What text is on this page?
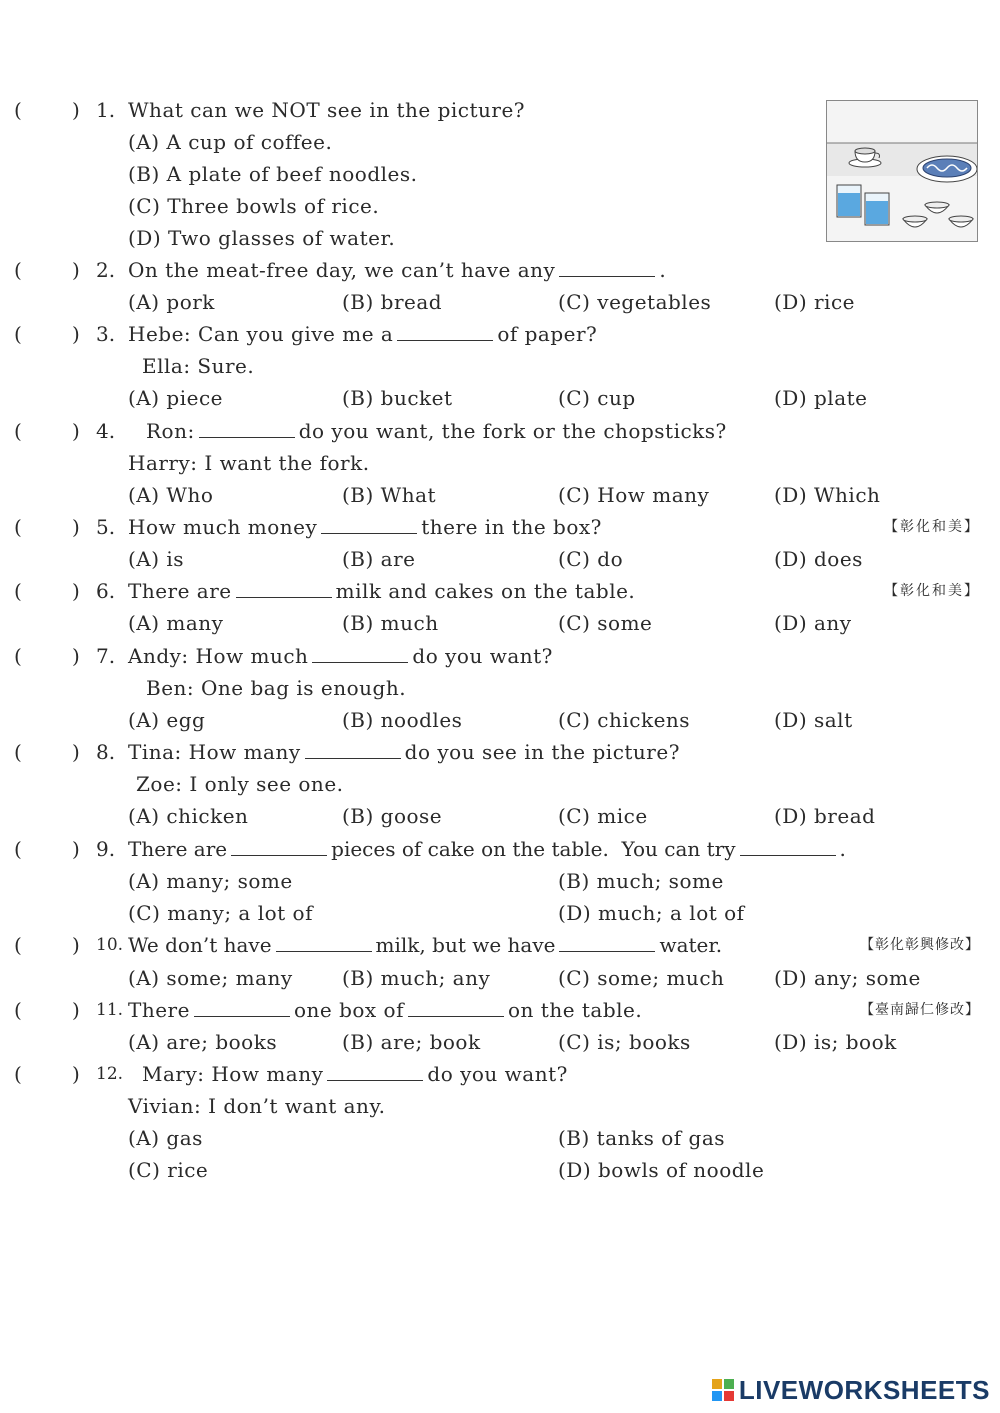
(	) 1. What can we NOT see in the picture?
(A) A cup of coffee.
(B) A plate of beef noodles.
(C) Three bowls of rice.
(D) Two glasses of water.
(	) 2. On the meat-free day, we can’t have any	.
(A) pork	(B) bread	(C) vegetables	(D) rice
(	) 3. Hebe: Can you give me a	of paper?
Ella: Sure.
(A) piece	(B) bucket	(C) cup	(D) plate
(	) 4. Ron:	do you want, the fork or the chopsticks?
Harry: I want the fork.
(A) Who	(B) What	(C) How many	(D) Which
(	) 5. How much money	there in the box?	【彰化和美】
(A) is	(B) are	(C) do	(D) does
(	) 6. There are	milk and cakes on the table.	【彰化和美】
(A) many	(B) much	(C) some	(D) any
(	) 7. Andy: How much	do you want?
Ben: One bag is enough.
(A) egg	(B) noodles	(C) chickens	(D) salt
(	) 8. Tina: How many	do you see in the picture?
Zoe: I only see one.
(A) chicken	(B) goose	(C) mice	(D) bread
(	) 9. There are	pieces of cake on the table.  You can try	.
(A) many; some	(B) much; some
(C) many; a lot of	(D) much; a lot of
(	) 10. We don’t have	milk, but we have	water.	【彰化彰興修改】
(A) some; many (B) much; any	(C) some; much (D) any; some
(	) 11. There	one box of	on the table.	【臺南歸仁修改】
(A) are; books	(B) are; book	(C) is; books	(D) is; book
(	) 12. Mary: How many	do you want?
Vivian: I don’t want any.
(A) gas	(B) tanks of gas
(C) rice	(D) bowls of noodle
LIVEWORKSHEETS
